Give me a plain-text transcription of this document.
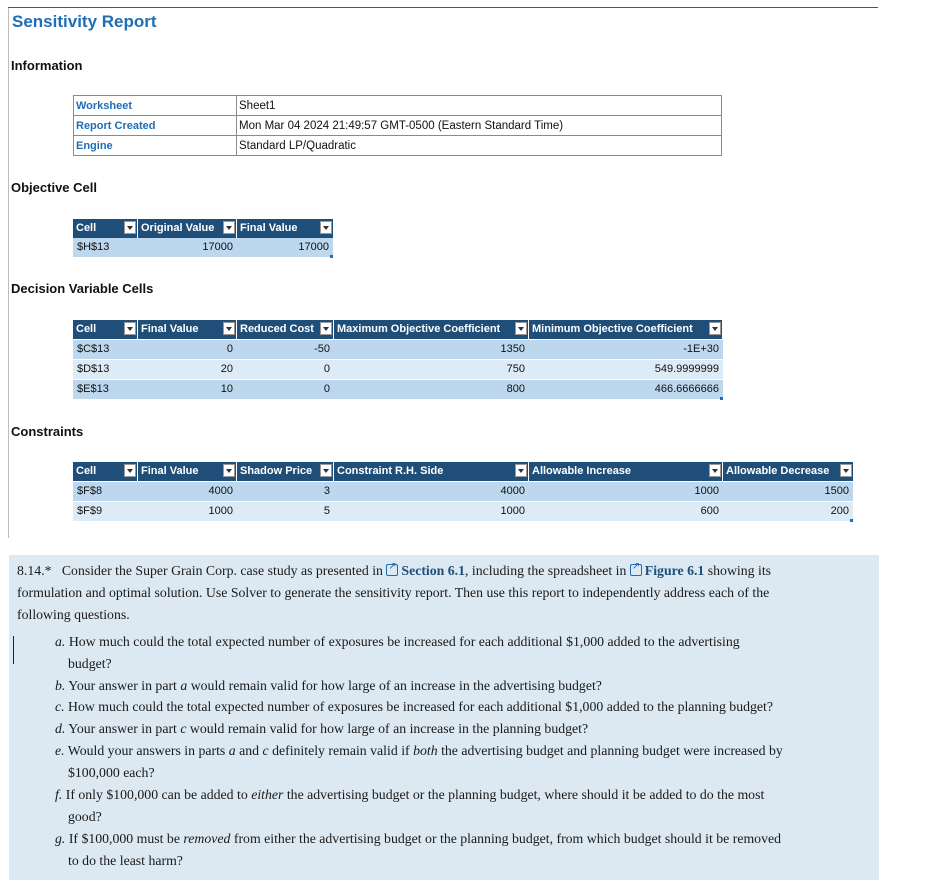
Sensitivity Report
Information
Worksheet	Sheet1
Report Created	Mon Mar 04 2024 21:49:57 GMT-0500 (Eastern Standard Time)
Engine	Standard LP/Quadratic
Objective Cell
Cell	Original Value	Final Value
$H$13	17000	17000
Decision Variable Cells
Cell	Final Value	Reduced Cost	Maximum Objective Coefficient	Minimum Objective Coefficient
$C$13	0	-50	1350	-1E+30
$D$13	20	0	750	549.9999999
$E$13	10	0	800	466.6666666
Constraints
Cell	Final Value	Shadow Price	Constraint R.H. Side	Allowable Increase	Allowable Decrease
$F$8	4000	3	4000	1000	1500
$F$9	1000	5	1000	600	200
8.14.* Consider the Super Grain Corp. case study as presented in ↗ Section 6.1, including the spreadsheet in ↗ Figure 6.1 showing its
formulation and optimal solution. Use Solver to generate the sensitivity report. Then use this report to independently address each of the
following questions.
a. How much could the total expected number of exposures be increased for each additional $1,000 added to the advertising
budget?
b. Your answer in part a would remain valid for how large of an increase in the advertising budget?
c. How much could the total expected number of exposures be increased for each additional $1,000 added to the planning budget?
d. Your answer in part c would remain valid for how large of an increase in the planning budget?
e. Would your answers in parts a and c definitely remain valid if both the advertising budget and planning budget were increased by
$100,000 each?
f. If only $100,000 can be added to either the advertising budget or the planning budget, where should it be added to do the most
good?
g. If $100,000 must be removed from either the advertising budget or the planning budget, from which budget should it be removed
to do the least harm?
